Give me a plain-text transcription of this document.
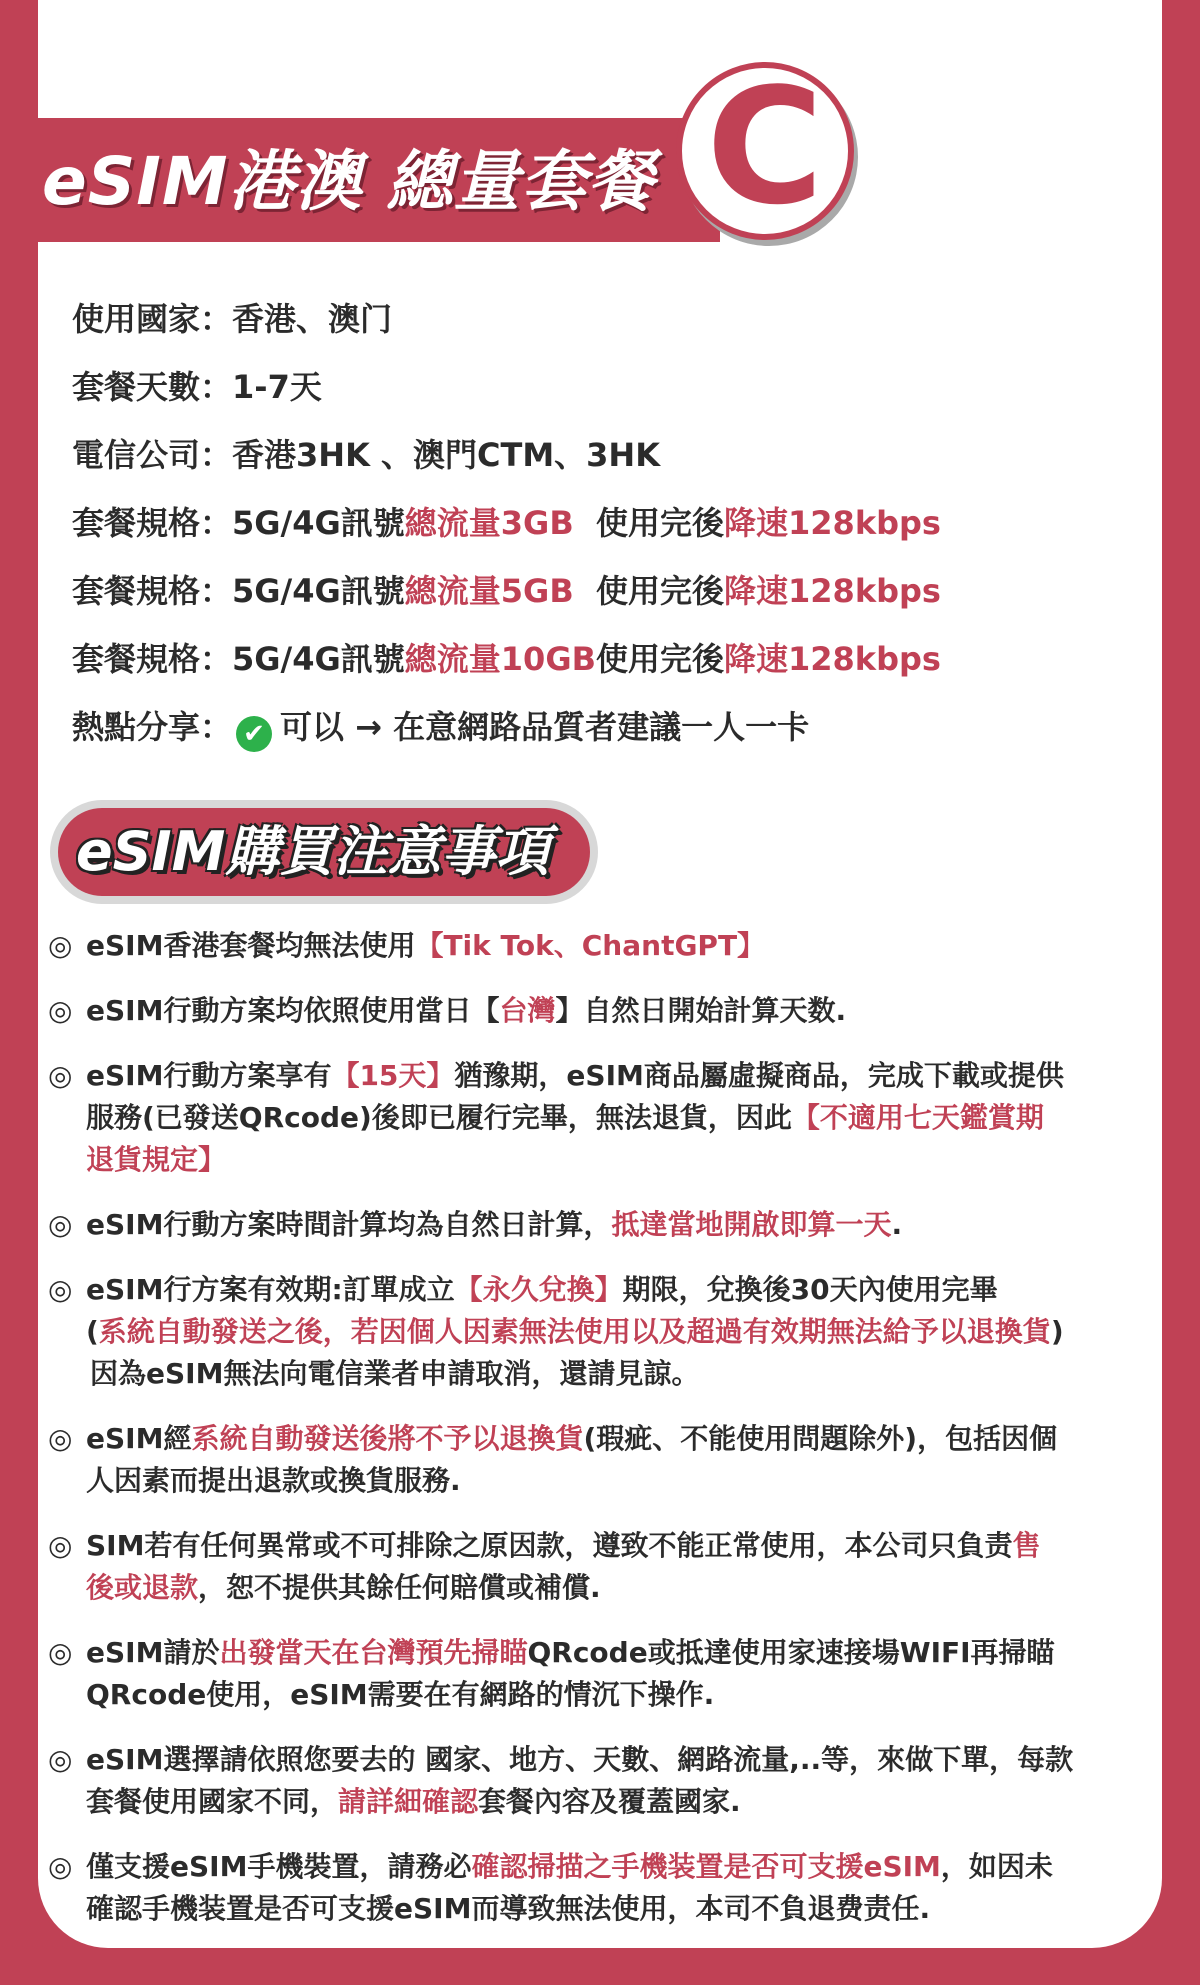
eSIM港澳 總量套餐 C
使用國家：香港、澳门
套餐天數：1-7天
電信公司：香港3HK 、澳門CTM、3HK
套餐規格：5G/4G訊號總流量3GB  使用完後降速128kbps
套餐規格：5G/4G訊號總流量5GB  使用完後降速128kbps
套餐規格：5G/4G訊號總流量10GB使用完後降速128kbps
熱點分享： ✔ 可以 → 在意網路品質者建議一人一卡
eSIM購買注意事項
◎ eSIM香港套餐均無法使用【Tik Tok、ChantGPT】
◎ eSIM行動方案均依照使用當日【台灣】自然日開始計算天数.
◎ eSIM行動方案享有【15天】猶豫期，eSIM商品屬虛擬商品，完成下載或提供
服務(已發送QRcode)後即已履行完畢，無法退貨，因此【不適用七天鑑賞期
退貨規定】
◎ eSIM行動方案時間計算均為自然日計算，抵達當地開啟即算一天.
◎ eSIM行方案有效期:訂單成立【永久兌換】期限，兌換後30天內使用完畢
(系統自動發送之後，若因個人因素無法使用以及超過有效期無法給予以退換貨)
因為eSIM無法向電信業者申請取消，還請見諒。
◎ eSIM經系統自動發送後將不予以退換貨(瑕疵、不能使用問題除外)，包括因個
人因素而提出退款或換貨服務.
◎ SIM若有任何異常或不可排除之原因款，遵致不能正常使用，本公司只負责售
後或退款，恕不提供其餘任何賠償或補償.
◎ eSIM請於出發當天在台灣預先掃瞄QRcode或抵達使用家速接場WIFI再掃瞄
QRcode使用，eSIM需要在有網路的情沉下操作.
◎ eSIM選擇請依照您要去的 國家、地方、天數、網路流量,..等，來做下單，每款
套餐使用國家不同，請詳細確認套餐內容及覆蓋國家.
◎ 僅支援eSIM手機裝置，請務必確認掃描之手機装置是否可支援eSIM，如因未
確認手機装置是否可支援eSIM而導致無法使用，本司不負退费责任.
